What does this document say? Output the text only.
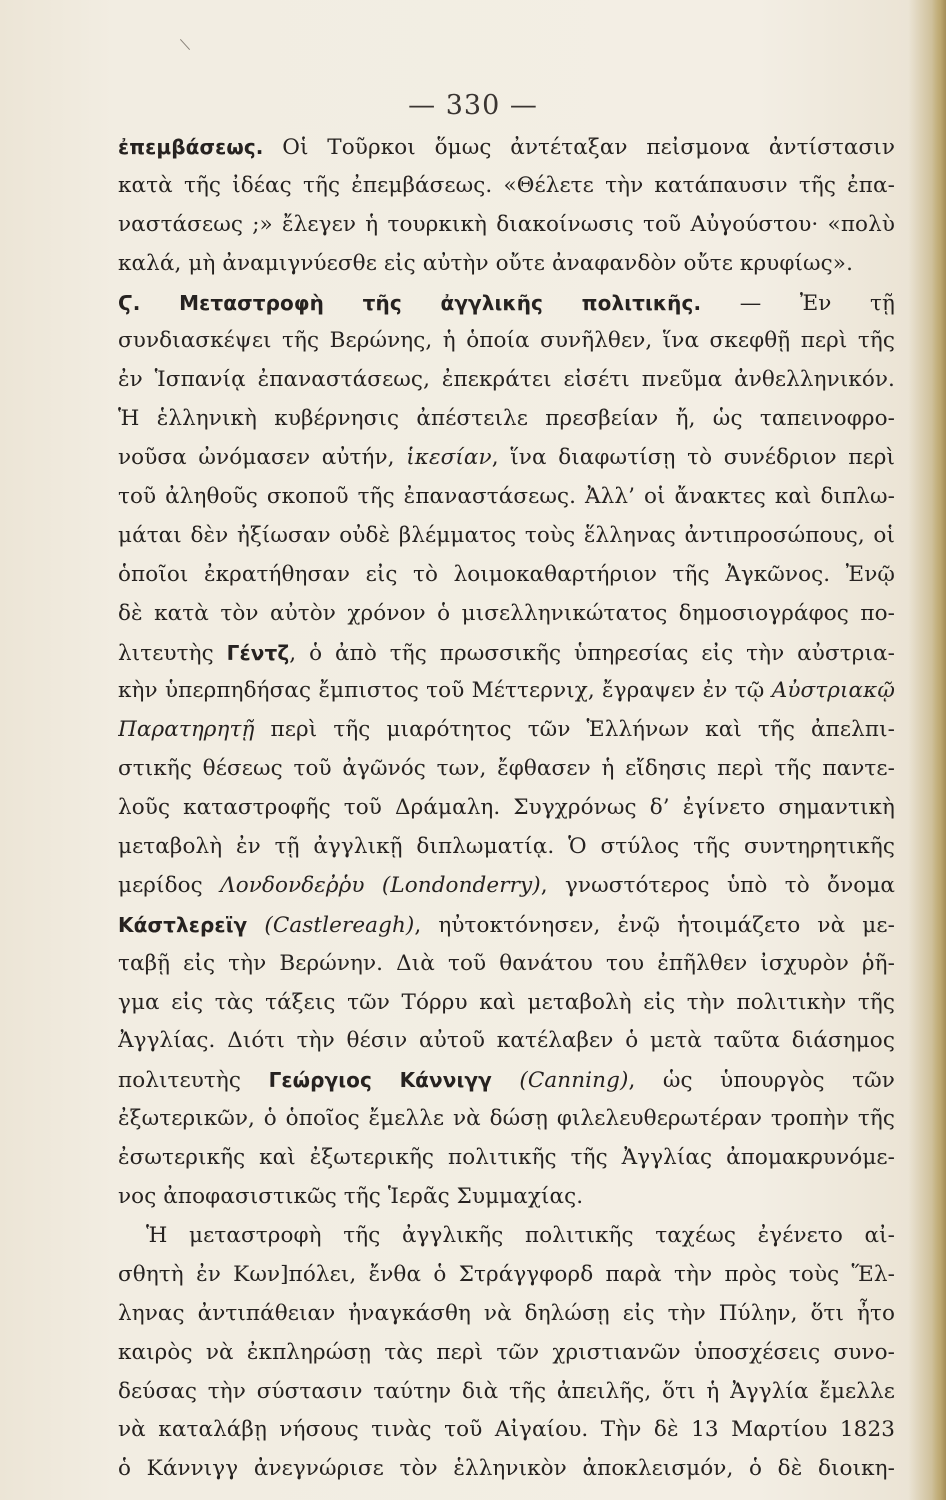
— 330 —
ἐπεμβάσεως. Οἱ Τοῦρκοι ὅμως ἀντέταξαν πεἰσμονα ἀντίστασιν
κατὰ τῆς ἰδέας τῆς ἐπεμβάσεως. «Θέλετε τὴν κατάπαυσιν τῆς ἐπα-
ναστάσεως ;» ἔλεγεν ἡ τουρκικὴ διακοίνωσις τοῦ Αὐγούστου· «πολὺ
καλά, μὴ ἀναμιγνύεσθε εἰς αὐτὴν οὔτε ἀναφανδὸν οὔτε κρυφίως».
Ϛ. Μεταστροφὴ τῆς ἀγγλικῆς πολιτικῆς. — Ἐν τῇ
συνδιασκέψει τῆς Βερώνης, ἡ ὁποία συνῆλθεν, ἵνα σκεφθῇ περὶ τῆς
ἐν Ἱσπανίᾳ ἐπαναστάσεως, ἐπεκράτει εἰσέτι πνεῦμα ἀνθελληνικόν.
Ἡ ἑλληνικὴ κυβέρνησις ἀπέστειλε πρεσβείαν ἤ, ὡς ταπεινοφρο-
νοῦσα ὠνόμασεν αὐτήν, ἱκεσίαν, ἵνα διαφωτίσῃ τὸ συνέδριον περὶ
τοῦ ἀληθοῦς σκοποῦ τῆς ἐπαναστάσεως. Ἀλλ’ οἱ ἄνακτες καὶ διπλω-
μάται δὲν ἠξίωσαν οὐδὲ βλέμματος τοὺς ἕλληνας ἀντιπροσώπους, οἱ
ὁποῖοι ἐκρατήθησαν εἰς τὸ λοιμοκαθαρτήριον τῆς Ἀγκῶνος. Ἐνῷ
δὲ κατὰ τὸν αὐτὸν χρόνον ὁ μισελληνικώτατος δημοσιογράφος πο-
λιτευτὴς Γέντζ, ὁ ἀπὸ τῆς πρωσσικῆς ὑπηρεσίας εἰς τὴν αὐστρια-
κὴν ὑπερπηδήσας ἔμπιστος τοῦ Μέττερνιχ, ἔγραψεν ἐν τῷ Αὐστριακῷ
Παρατηρητῇ περὶ τῆς μιαρότητος τῶν Ἑλλήνων καὶ τῆς ἀπελπι-
στικῆς θέσεως τοῦ ἀγῶνός των, ἔφθασεν ἡ εἴδησις περὶ τῆς παντε-
λοῦς καταστροφῆς τοῦ Δράμαλη. Συγχρόνως δ’ ἐγίνετο σημαντικὴ
μεταβολὴ ἐν τῇ ἀγγλικῇ διπλωματίᾳ. Ὁ στύλος τῆς συντηρητικῆς
μερίδος Λονδονδεῤῥυ (Londonderry), γνωστότερος ὑπὸ τὸ ὄνομα
Κάστλερεϊγ (Castlereagh), ηὐτοκτόνησεν, ἐνῷ ἡτοιμάζετο νὰ με-
ταβῇ εἰς τὴν Βερώνην. Διὰ τοῦ θανάτου του ἐπῆλθεν ἰσχυρὸν ῥῆ-
γμα εἰς τὰς τάξεις τῶν Τόρρυ καὶ μεταβολὴ εἰς τὴν πολιτικὴν τῆς
Ἀγγλίας. Διότι τὴν θέσιν αὐτοῦ κατέλαβεν ὁ μετὰ ταῦτα διάσημος
πολιτευτὴς Γεώργιος Κάννιγγ (Canning), ὡς ὑπουργὸς τῶν
ἐξωτερικῶν, ὁ ὁποῖος ἔμελλε νὰ δώσῃ φιλελευθερωτέραν τροπὴν τῆς
ἐσωτερικῆς καὶ ἐξωτερικῆς πολιτικῆς τῆς Ἀγγλίας ἀπομακρυνόμε-
νος ἀποφασιστικῶς τῆς Ἱερᾶς Συμμαχίας.
Ἡ μεταστροφὴ τῆς ἀγγλικῆς πολιτικῆς ταχέως ἐγένετο αἰ-
σθητὴ ἐν Κων]πόλει, ἔνθα ὁ Στράγγφορδ παρὰ τὴν πρὸς τοὺς Ἕλ-
ληνας ἀντιπάθειαν ἠναγκάσθη νὰ δηλώσῃ εἰς τὴν Πύλην, ὅτι ἦτο
καιρὸς νὰ ἐκπληρώσῃ τὰς περὶ τῶν χριστιανῶν ὑποσχέσεις συνο-
δεύσας τὴν σύστασιν ταύτην διὰ τῆς ἀπειλῆς, ὅτι ἡ Ἀγγλία ἔμελλε
νὰ καταλάβῃ νήσους τινὰς τοῦ Αἰγαίου. Τὴν δὲ 13 Μαρτίου 1823
ὁ Κάννιγγ ἀνεγνώρισε τὸν ἑλληνικὸν ἀποκλεισμόν, ὁ δὲ διοικη-
